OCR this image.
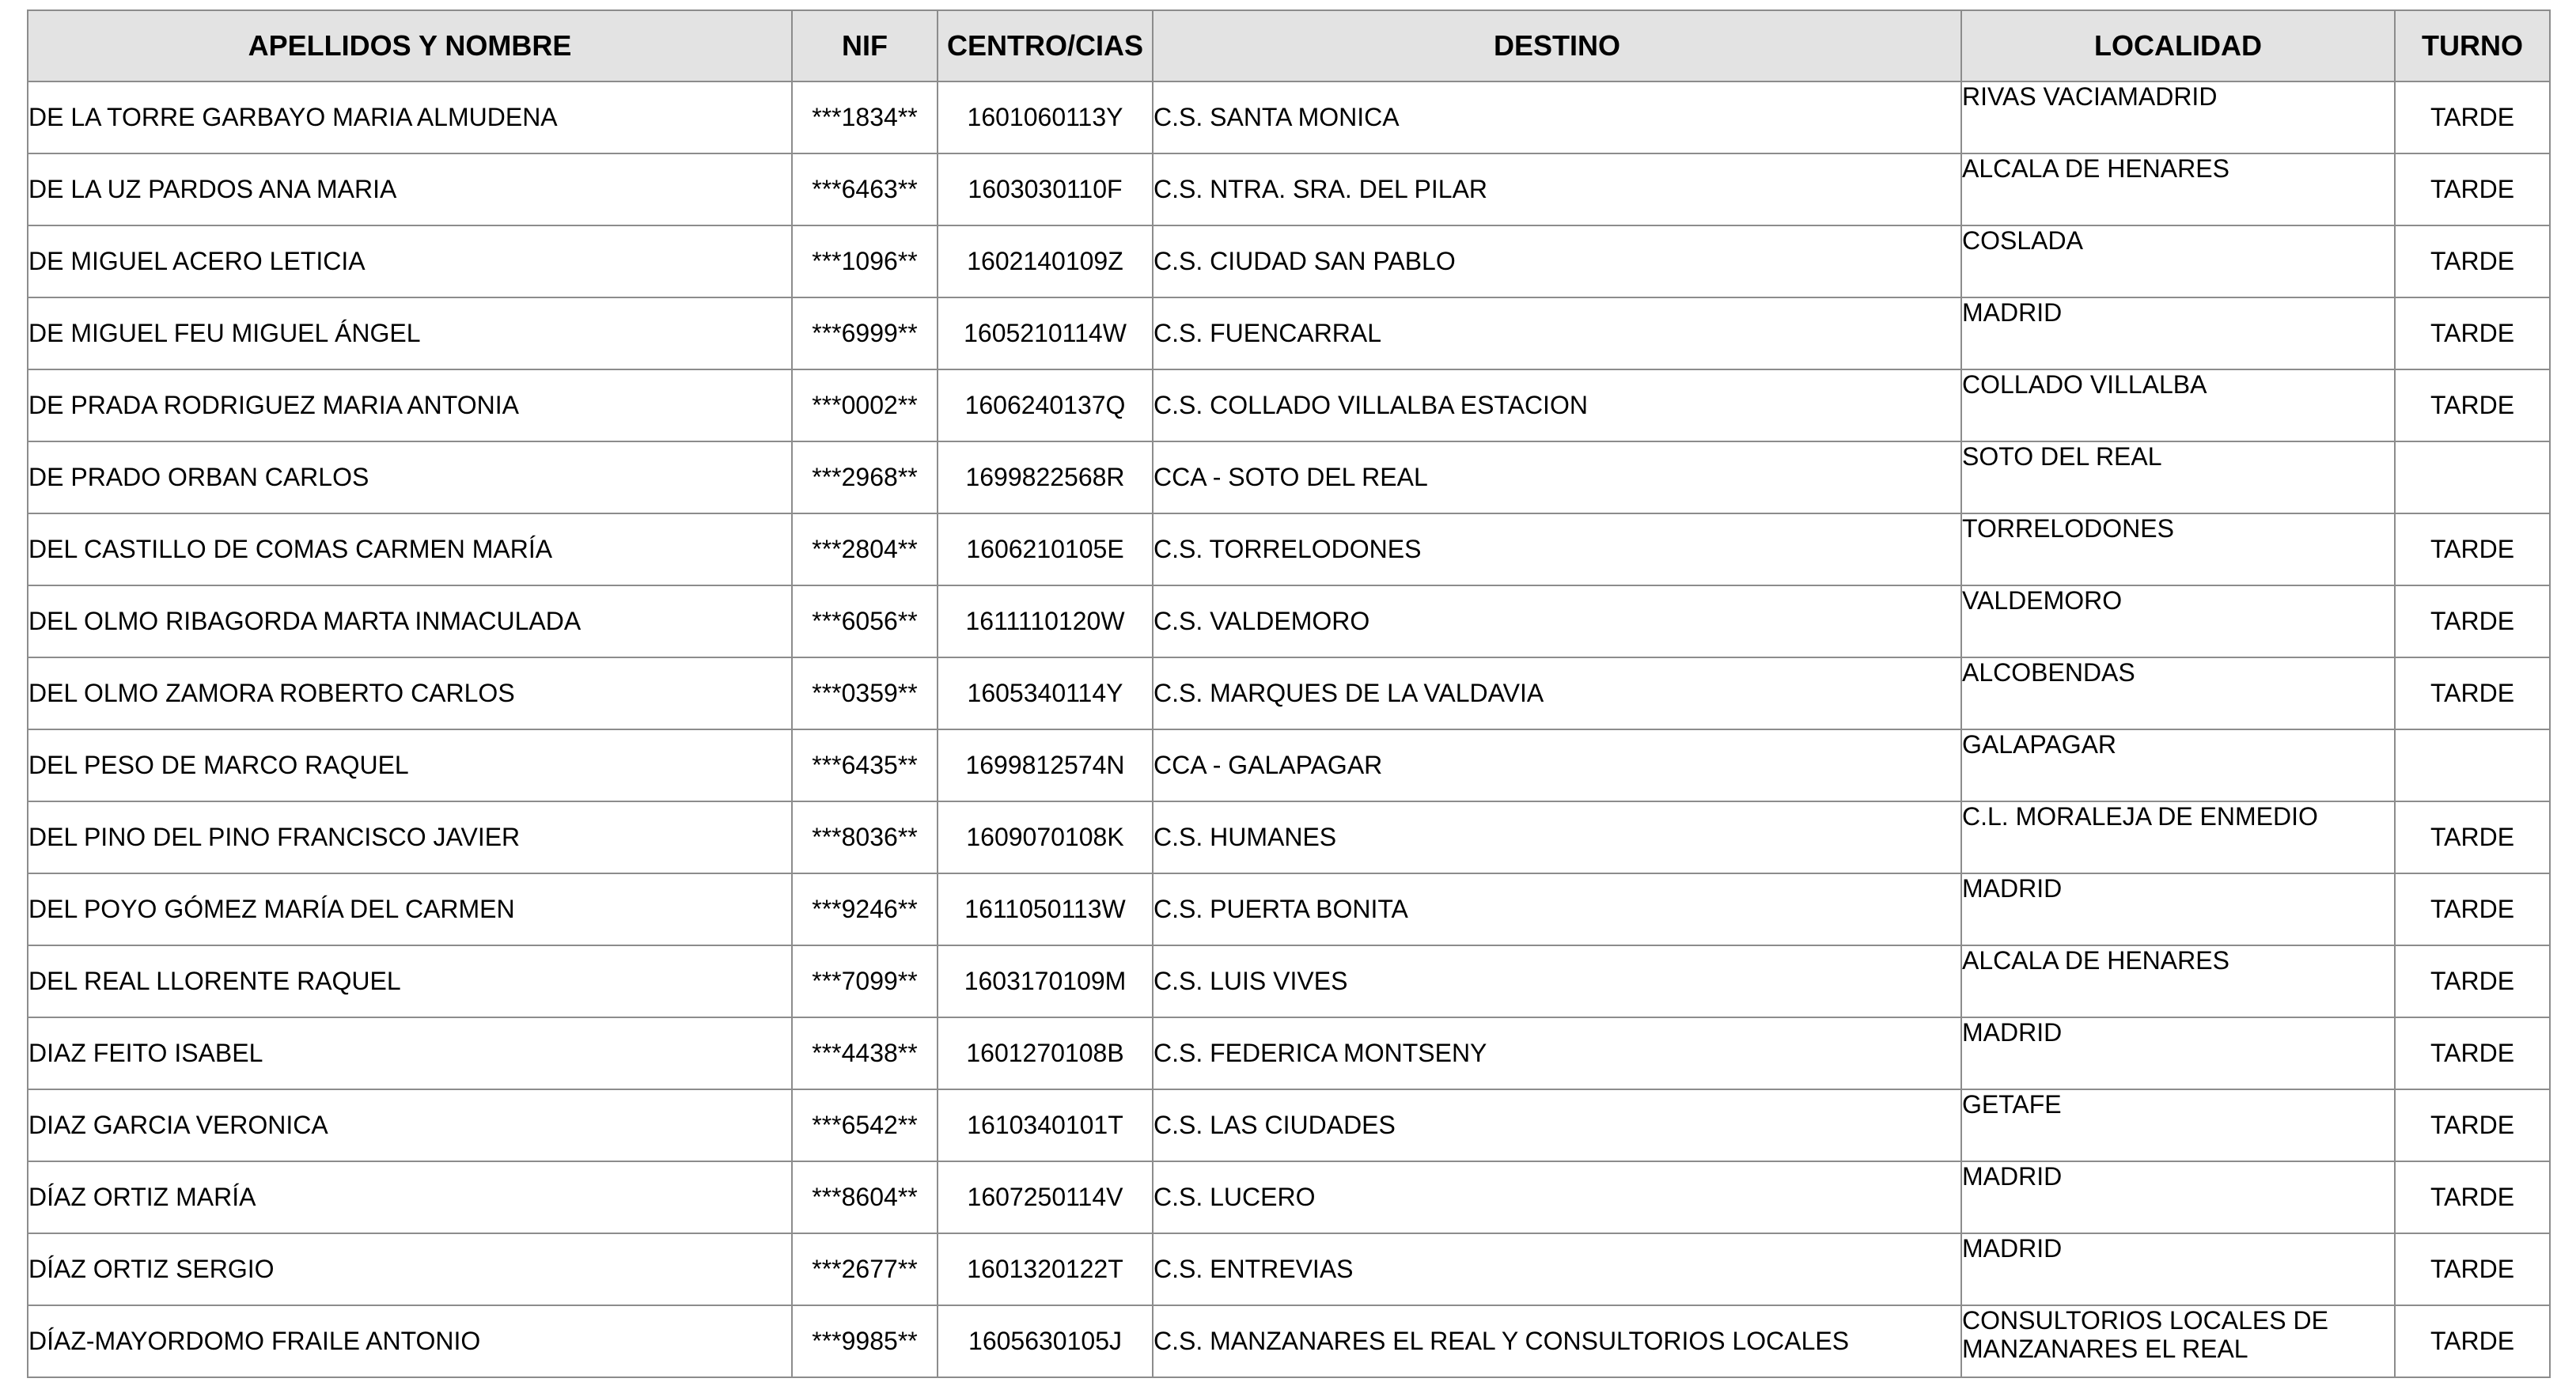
APELLIDOS Y NOMBRE	NIF	CENTRO/CIAS	DESTINO	LOCALIDAD	TURNO
DE LA TORRE GARBAYO MARIA ALMUDENA	***1834**	1601060113Y	C.S. SANTA MONICA	RIVAS VACIAMADRID	TARDE
DE LA UZ PARDOS ANA MARIA	***6463**	1603030110F	C.S. NTRA. SRA. DEL PILAR	ALCALA DE HENARES	TARDE
DE MIGUEL ACERO LETICIA	***1096**	1602140109Z	C.S. CIUDAD SAN PABLO	COSLADA	TARDE
DE MIGUEL FEU MIGUEL ÁNGEL	***6999**	1605210114W	C.S. FUENCARRAL	MADRID	TARDE
DE PRADA RODRIGUEZ MARIA ANTONIA	***0002**	1606240137Q	C.S. COLLADO VILLALBA ESTACION	COLLADO VILLALBA	TARDE
DE PRADO ORBAN CARLOS	***2968**	1699822568R	CCA - SOTO DEL REAL	SOTO DEL REAL	

DEL CASTILLO DE COMAS CARMEN MARÍA	***2804**	1606210105E	C.S. TORRELODONES	TORRELODONES	TARDE
DEL OLMO RIBAGORDA MARTA INMACULADA	***6056**	1611110120W	C.S. VALDEMORO	VALDEMORO	TARDE
DEL OLMO ZAMORA ROBERTO CARLOS	***0359**	1605340114Y	C.S. MARQUES DE LA VALDAVIA	ALCOBENDAS	TARDE
DEL PESO DE MARCO RAQUEL	***6435**	1699812574N	CCA - GALAPAGAR	GALAPAGAR	

DEL PINO DEL PINO FRANCISCO JAVIER	***8036**	1609070108K	C.S. HUMANES	C.L. MORALEJA DE ENMEDIO	TARDE
DEL POYO GÓMEZ MARÍA DEL CARMEN	***9246**	1611050113W	C.S. PUERTA BONITA	MADRID	TARDE
DEL REAL LLORENTE RAQUEL	***7099**	1603170109M	C.S. LUIS VIVES	ALCALA DE HENARES	TARDE
DIAZ FEITO ISABEL	***4438**	1601270108B	C.S. FEDERICA MONTSENY	MADRID	TARDE
DIAZ GARCIA VERONICA	***6542**	1610340101T	C.S. LAS CIUDADES	GETAFE	TARDE
DÍAZ ORTIZ MARÍA	***8604**	1607250114V	C.S. LUCERO	MADRID	TARDE
DÍAZ ORTIZ SERGIO	***2677**	1601320122T	C.S. ENTREVIAS	MADRID	TARDE
DÍAZ-MAYORDOMO FRAILE ANTONIO	***9985**	1605630105J	C.S. MANZANARES EL REAL Y CONSULTORIOS LOCALES	CONSULTORIOS LOCALES DE MANZANARES EL REAL	TARDE
